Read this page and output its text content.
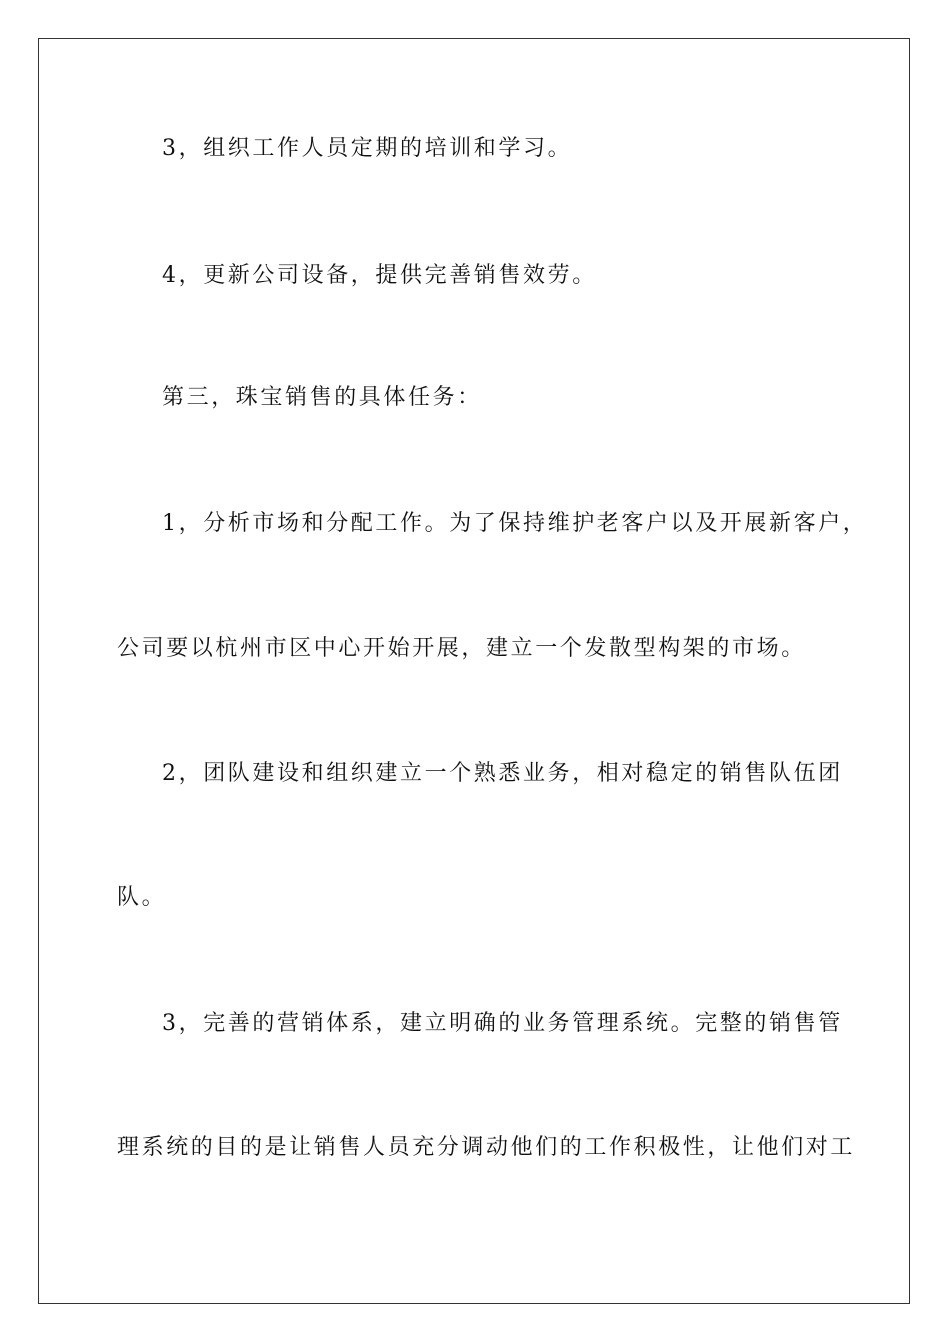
3，组织工作人员定期的培训和学习。
4，更新公司设备，提供完善销售效劳。
第三，珠宝销售的具体任务：
1，分析市场和分配工作。为了保持维护老客户以及开展新客户，
公司要以杭州市区中心开始开展，建立一个发散型构架的市场。
2，团队建设和组织建立一个熟悉业务，相对稳定的销售队伍团
队。
3，完善的营销体系，建立明确的业务管理系统。完整的销售管
理系统的目的是让销售人员充分调动他们的工作积极性，让他们对工
